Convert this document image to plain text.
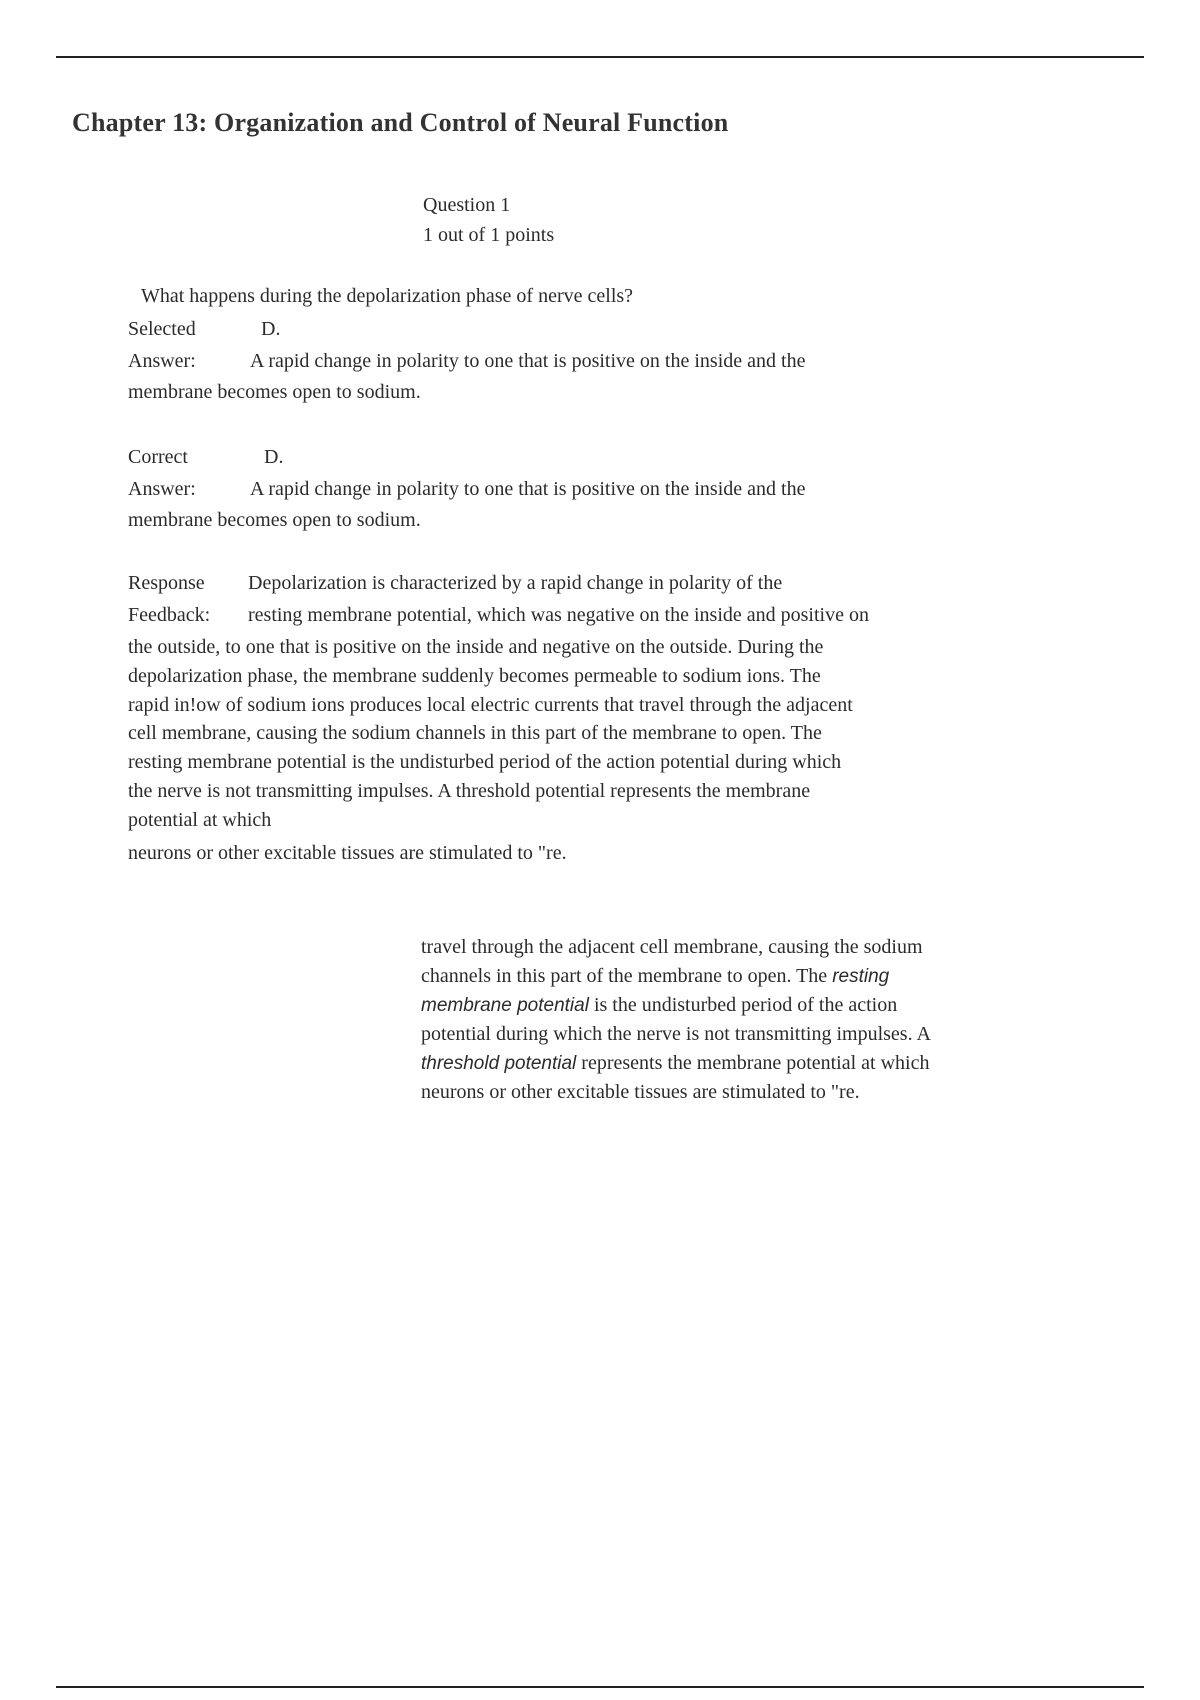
Chapter 13: Organization and Control of Neural Function
Question 1
1 out of 1 points
What happens during the depolarization phase of nerve cells?
Selected	D.
Answer:	A rapid change in polarity to one that is positive on the inside and the
membrane becomes open to sodium.
Correct	D.
Answer:	A rapid change in polarity to one that is positive on the inside and the
membrane becomes open to sodium.
Response	Depolarization is characterized by a rapid change in polarity of the
Feedback:	resting membrane potential, which was negative on the inside and positive on
the outside, to one that is positive on the inside and negative on the outside. During the
depolarization phase, the membrane suddenly becomes permeable to sodium ions. The
rapid in!ow of sodium ions produces local electric currents that travel through the adjacent
cell membrane, causing the sodium channels in this part of the membrane to open. The
resting membrane potential is the undisturbed period of the action potential during which
the nerve is not transmitting impulses. A threshold potential represents the membrane
potential at which
neurons or other excitable tissues are stimulated to "re.
travel through the adjacent cell membrane, causing the sodium
channels in this part of the membrane to open. The resting
membrane potential is the undisturbed period of the action
potential during which the nerve is not transmitting impulses. A
threshold potential represents the membrane potential at which
neurons or other excitable tissues are stimulated to "re.
